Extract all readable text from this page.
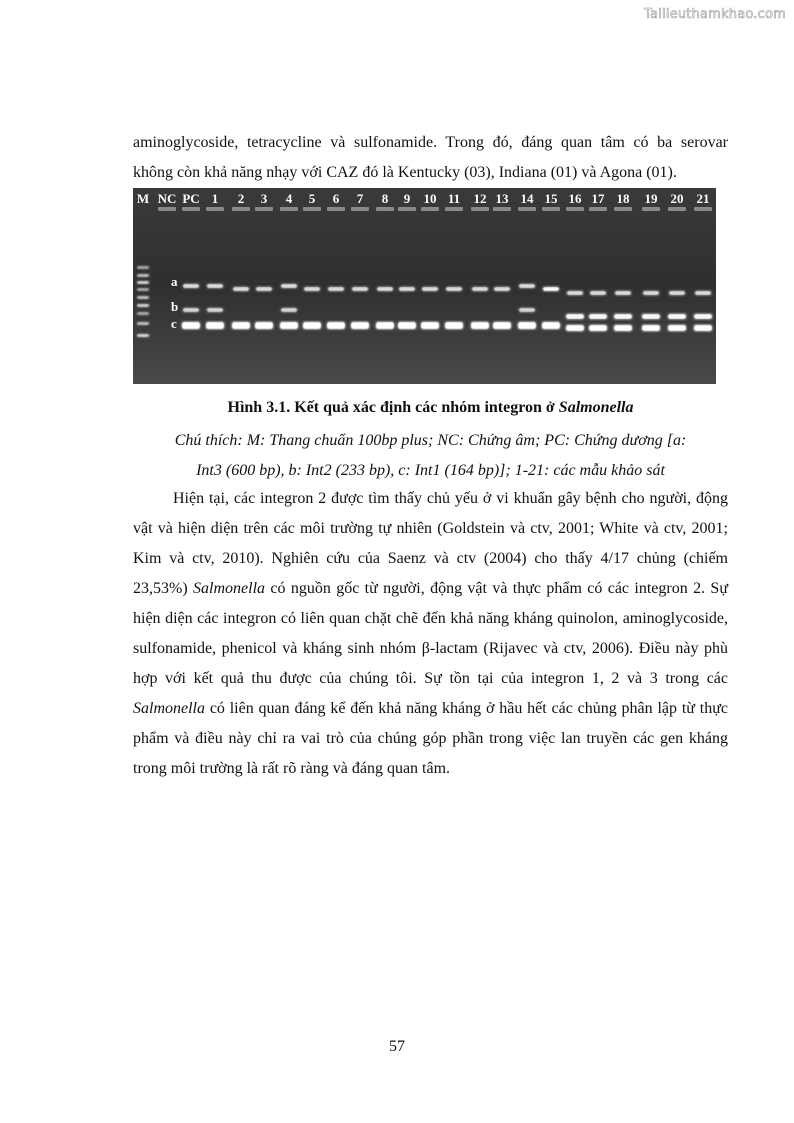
Tailieuthamkhao.com
aminoglycoside, tetracycline và sulfonamide. Trong đó, đáng quan tâm có ba serovar
không còn khả năng nhạy với CAZ đó là Kentucky (03), Indiana (01) và Agona (01).
M NC PC 1 2 3 4 5 6 7 8 9 10 11 12 13 14 15 16 17 18 19 20 21
a
b
c
Hình 3.1. Kết quả xác định các nhóm integron ở Salmonella
Chú thích: M: Thang chuẩn 100bp plus; NC: Chứng âm; PC: Chứng dương [a:
Int3 (600 bp), b: Int2 (233 bp), c: Int1 (164 bp)]; 1-21: các mẫu khảo sát

Hiện tại, các integron 2 được tìm thấy chủ yếu ở vi khuẩn gây bệnh cho người, động vật và hiện diện trên các môi trường tự nhiên (Goldstein và ctv, 2001; White và ctv, 2001; Kim và ctv, 2010). Nghiên cứu của Saenz và ctv (2004) cho thấy 4/17 chủng (chiếm 23,53%) Salmonella có nguồn gốc từ người, động vật và thực phẩm có các integron 2. Sự hiện diện các integron có liên quan chặt chẽ đến khả năng kháng quinolon, aminoglycoside, sulfonamide, phenicol và kháng sinh nhóm β-lactam (Rijavec và ctv, 2006). Điều này phù hợp với kết quả thu được của chúng tôi. Sự tồn tại của integron 1, 2 và 3 trong các Salmonella có liên quan đáng kể đến khả năng kháng ở hầu hết các chủng phân lập từ thực phẩm và điều này chỉ ra vai trò của chúng góp phần trong việc lan truyền các gen kháng trong môi trường là rất rõ ràng và đáng quan tâm.

57
